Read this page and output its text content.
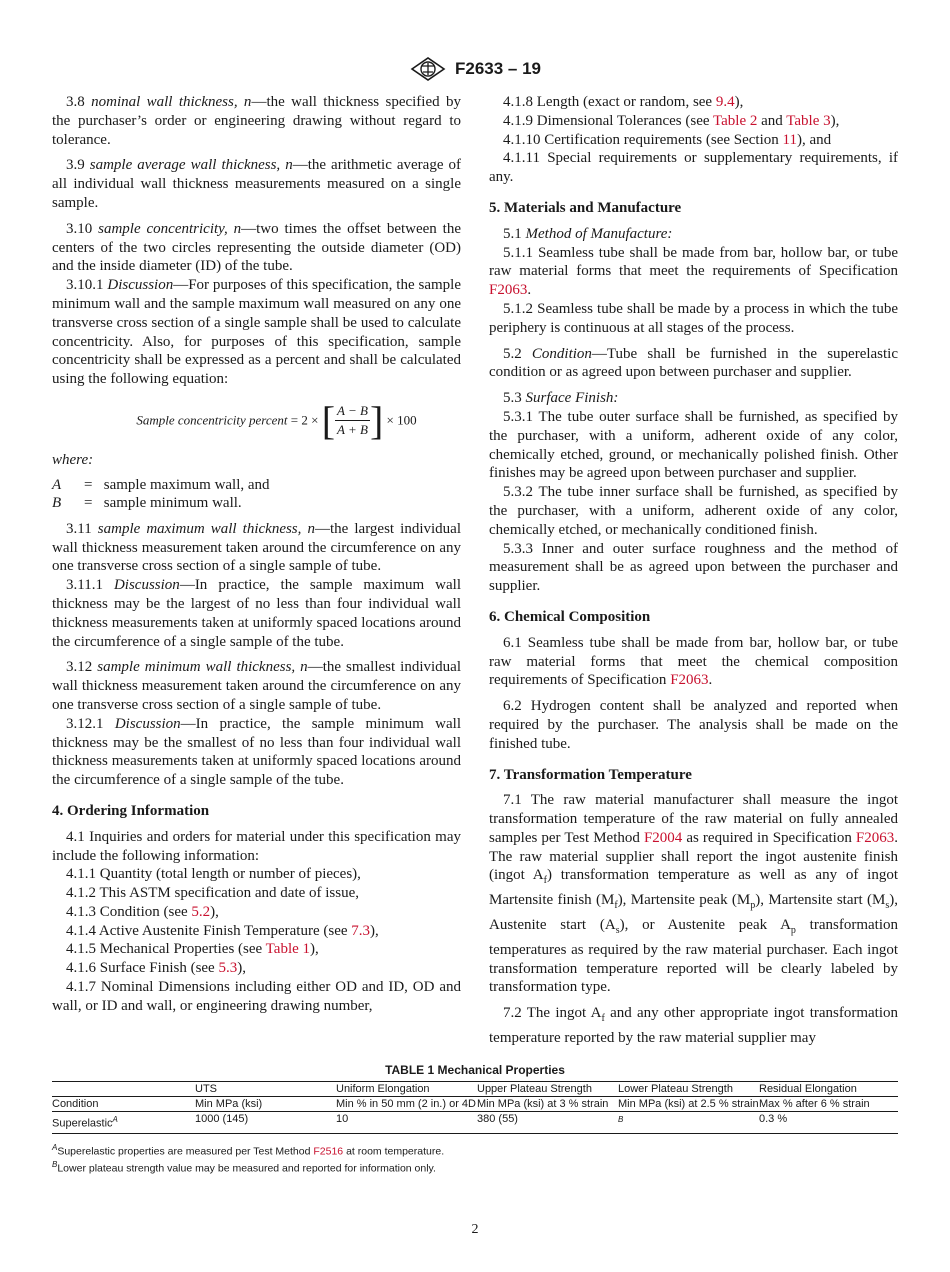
F2633 – 19

3.8 nominal wall thickness, n—the wall thickness specified by the purchaser’s order or engineering drawing without regard to tolerance.

3.9 sample average wall thickness, n—the arithmetic average of all individual wall thickness measurements measured on a single sample.

3.10 sample concentricity, n—two times the offset between the centers of the two circles representing the outside diameter (OD) and the inside diameter (ID) of the tube.

3.10.1 Discussion—For purposes of this specification, the sample minimum wall and the sample maximum wall measured on any one transverse cross section of a single sample shall be used to calculate concentricity. Also, for purposes of this specification, sample concentricity shall be expressed as a percent and shall be calculated using the following equation:

Sample concentricity percent = 2 × [ $\frac{A - B}{A + B}$ ] × 100
where:
A = sample maximum wall, and
B = sample minimum wall.

3.11 sample maximum wall thickness, n—the largest individual wall thickness measurement taken around the circumference on any one transverse cross section of a single sample of tube.

3.11.1 Discussion—In practice, the sample maximum wall thickness may be the largest of no less than four individual wall thickness measurements taken at uniformly spaced locations around the circumference of a single sample of the tube.

3.12 sample minimum wall thickness, n—the smallest individual wall thickness measurement taken around the circumference on any one transverse cross section of a single sample of tube.

3.12.1 Discussion—In practice, the sample minimum wall thickness may be the smallest of no less than four individual wall thickness measurements taken at uniformly spaced locations around the circumference of a single sample of the tube.

4. Ordering Information

4.1 Inquiries and orders for material under this specification may include the following information:

4.1.1 Quantity (total length or number of pieces),

4.1.2 This ASTM specification and date of issue,

4.1.3 Condition (see 5.2),

4.1.4 Active Austenite Finish Temperature (see 7.3),

4.1.5 Mechanical Properties (see Table 1),

4.1.6 Surface Finish (see 5.3),

4.1.7 Nominal Dimensions including either OD and ID, OD and wall, or ID and wall, or engineering drawing number,

4.1.8 Length (exact or random, see 9.4),

4.1.9 Dimensional Tolerances (see Table 2 and Table 3),

4.1.10 Certification requirements (see Section 11), and

4.1.11 Special requirements or supplementary requirements, if any.

5. Materials and Manufacture

5.1 Method of Manufacture:

5.1.1 Seamless tube shall be made from bar, hollow bar, or tube raw material forms that meet the requirements of Specification F2063.

5.1.2 Seamless tube shall be made by a process in which the tube periphery is continuous at all stages of the process.

5.2 Condition—Tube shall be furnished in the superelastic condition or as agreed upon between purchaser and supplier.

5.3 Surface Finish:

5.3.1 The tube outer surface shall be furnished, as specified by the purchaser, with a uniform, adherent oxide of any color, chemically etched, ground, or mechanically polished finish. Other finishes may be agreed upon between purchaser and supplier.

5.3.2 The tube inner surface shall be furnished, as specified by the purchaser, with a uniform, adherent oxide of any color, chemically etched, or mechanically conditioned finish.

5.3.3 Inner and outer surface roughness and the method of measurement shall be as agreed upon between the purchaser and supplier.

6. Chemical Composition

6.1 Seamless tube shall be made from bar, hollow bar, or tube raw material forms that meet the chemical composition requirements of Specification F2063.

6.2 Hydrogen content shall be analyzed and reported when required by the purchaser. The analysis shall be made on the finished tube.

7. Transformation Temperature

7.1 The raw material manufacturer shall measure the ingot transformation temperature of the raw material on fully annealed samples per Test Method F2004 as required in Specification F2063. The raw material supplier shall report the ingot austenite finish (ingot $A_f$) transformation temperature as well as any of ingot Martensite finish $(M_f)$, Martensite peak $(M_p)$, Martensite start $(M_s)$, Austenite start $(A_s)$, or Austenite peak $A_p$ transformation temperatures as required by the raw material purchaser. Each ingot transformation temperature reported will be clearly labeled by transformation type.

7.2 The ingot $A_f$ and any other appropriate ingot transformation temperature reported by the raw material supplier may

TABLE 1 Mechanical Properties
	UTS	Uniform Elongation	Upper Plateau Strength	Lower Plateau Strength	Residual Elongation
Condition	Min MPa (ksi)	Min % in 50 mm (2 in.) or 4D	Min MPa (ksi) at 3 % strain	Min MPa (ksi) at 2.5 % strain	Max % after 6 % strain
Superelastic$^A$	1000 (145)	10	380 (55)	$^B$	0.3 %
$^A$Superelastic properties are measured per Test Method F2516 at room temperature.
$^B$Lower plateau strength value may be measured and reported for information only.
2
